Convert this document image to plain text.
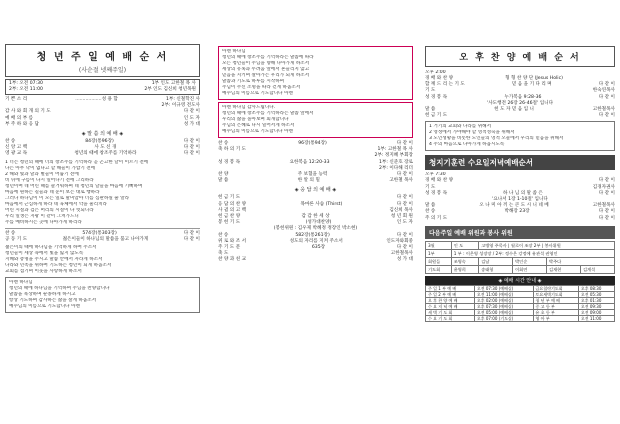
청 년 주 일 예 배 순 서
(사순절 넷째주일)
1부: 오전 07:30
2부: 오전 11:00
1부 인도 고한철 목 사
2부 인도 김신희 청년목원
기 쁜 소 리	..................성 용 합	1부: 신철학진 사
2부: 이규영 전도사
감 사 와 회 개 의 기 도	다 같 이
예 배 의 부 름	인 도 자
부 주 하 와 응 답	성 가 대
◈ 말 씀 의 예 배 ◈
찬 송	84장(통96장)	다 같 이
신 앙 고 백	사 도 신 경	다 같 이
영 광 교 독	청년의 때에 창조주를 기억하라	다 같 이
1 너는 청년의 때에 너의 창조주를 기억하라 곧 곤고한 날이 이르기 전에
나는 아무 낙이 없다고 할 해들이 가깝기 전에
2 해와 빛과 달과 별들이 어둡기 전에
비 뒤에 구름이 다시 일어나기 전에 그리하라
청년이여 네 어린 때를 즐거워하며 네 청년의 날들을 마음에 기뻐하여
마음에 원하는 길들과 네 눈이 보는 대로 행하라
그러나 하나님이 이 모든 일로 말미암아 너를 심판하실 줄 알라
마음에서 근심하게 하라 네 육체에서 악을 물리치라
어린 시절과 검은 머리의 시절이 다 헛되니라
우리 일생은 지팡 이 같이 그쳐가느니
주를 예비하시는 곳에 나아가게 하리라
찬 송	574장(통303장)	다 같 이
공 동 기 도	젊은이들이 하나님의 말씀을 품고 나아가게	다 같 이
젊은이의 때에 하나님을 기억하게 하여 주소서
청년들이 세상 속에서 빛을 잃지 않도록
지혜와 총명을 주시고 말씀 안에서 자라게 하소서
나라와 민족을 위하여 기도하는 청년이 되게 하옵소서
교회를 섬기며 이웃을 사랑하게 하소서
아멘 하나님
청년의 때에 하나님을 기억하며 주님을 찬양합니다
말씀을 묵상하며 순종하게 하시고
항상 기도하며 감사하는 삶을 살게 하옵소서
예수님의 이름으로 기도합니다 아멘
아멘 하나님
청년의 때에 창조주를 기억하라는 말씀에 따라
모든 청년들이 주님을 향해 나아가게 하소서
세상의 유혹과 두려움 앞에서 흔들리지 않고
믿음을 지키며 살아가는 우리가 되게 하소서
말씀과 기도로 하루를 시작하며
주님이 주신 소명을 따라 걷게 하옵소서
예수님의 이름으로 기도합니다 아멘
아멘 하나님 감사드립니다.
청년의 때에 창조주를 기억하라는 말씀 앞에서
우리의 삶을 돌아보며 회개합니다
주님의 은혜로 다시 일어서게 하소서
예수님의 이름으로 기도합니다 아멘
찬 송	96장(통94장)	다 같 이
축 하 의 기 도	1부: 고한철 목 사
2부: 정지혜 부회장
성 경 봉 독	요한복음 12:20-33	1부: 신준호 장로
2부: 이다해 리더
찬 양	주 보혈을 능력	다 같 이
말 씀	한 알 의 밀	고한철 목사
◈ 응 답 의 예 배 ◈
헌 금 기 도	다 같 이
응 답 의 찬 양	목마른 사슴 (Thirst)	다 같 이
사 귐 의 고 백	김신희 목사
헌 금 찬 양	감 감 한 세 상	청 년 회 원
봉 헌 기 도	(성가대찬양)	인 도 자
(봉헌위원 : 김우제 박혜정 정장인 박소현)
찬 송	582장(통261장)	다 같 이
위 로 와 조 서	성도의 자리를 지켜 주소서	인도자와회중
주 기 도 문	635장	다 같 이
축 도	고한철목사
찬 양 과 친 교	성 가 대
오 후 찬 양 예 배 순 서
오후 2:00
경 배 와 찬 양	형 형 찬 양 단 (Jesus Holic)
합 께 드 리 는 기 도	믿 음 을 기 다 리 며	다 같 이
기 도	한숙연목사
성 경 봉 독	누가복음 9:28-36	다 같 이
'사도행전 26장 26-46절' 입니다
말 씀	헌 도 자 믿 음 입 니	고한철목사
헌 금 기 도	다 같 이
1 거기의 교회와 나라를 위해서
2 영성에서 가야해야 할 영적성숙을 위해서
3 노인성황을 비롯한 노인들의 영적 오늘에서 우리의 믿음을 위해서
4 주의 마음으로 나아가게 하옵시도록
청지기훈련 수요일저녁예배순서
오후 7:30
경 배 와 찬 양	다 같 이
기 도	김경자권사
성 경 봉 독	하 나 님 의 말 씀 은	다 같 이
'요나서 1장 1-10절' 입니다
말 씀	오 나 미 아 끼 는 큰 도 시 니 네 베	고한철목사
찬 송	박해장 23장	다 같 이
주 의 기 도	다 같 이
다음주일 예배 위원과 봉사 위원
3월	인 도	고병영 주목사 | 월로이 조장 2부 | 봉사위원			
1부	1 부 : 이은영 성장장 / 2부: 정수은 강정에 유관석 권영인				
회원들	조영숙	김남	박인순	박주다	
기도회	윤영희	송태형	이회연	김재현	김계석
◈ 예배 시간 안내 ◈
주 일 1 부 예 배	오전 07:30 (예배실)	금요철야기도회	오후 08:30
주 일 2 부 예 배	오전 11:00 (예배실)	토요새벽기도회	오전 05:30
오 후 찬 양 예 배	오후 02:00 (예배실)	청 년 부 예 배	오후 01:30
수 요 저 녁 예 배	오후 07:30 (예배실)	중 고 등 부	오전 09:30
새 벽 기 도 회	오전 05:00 (예배실)	유 초 등 부	오전 09:00
수 요 기 도 회	오후 07:00 (기도실)	영 아 부	오전 11:00
